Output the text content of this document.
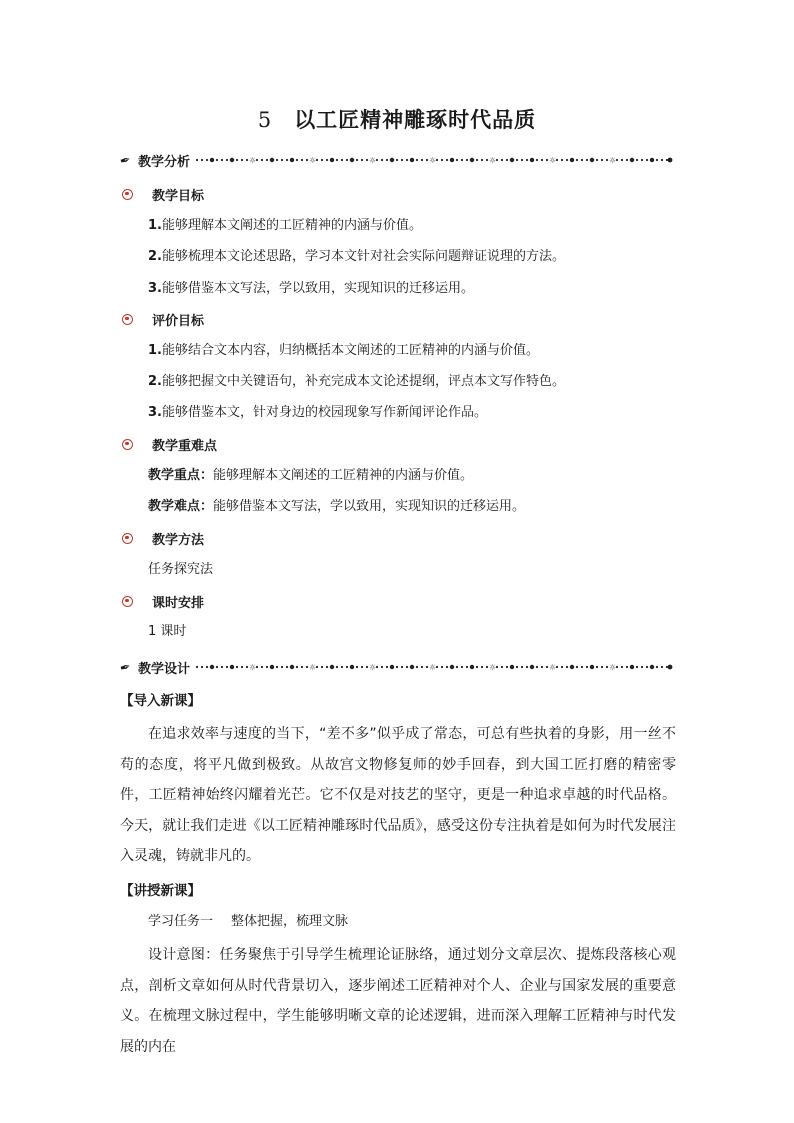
5 以工匠精神雕琢时代品质
✒ 教学分析	☼	☼	☼	☼	☼	☼	☼
教学目标
1.能够理解本文阐述的工匠精神的内涵与价值。
2.能够梳理本文论述思路，学习本文针对社会实际问题辩证说理的方法。
3.能够借鉴本文写法，学以致用，实现知识的迁移运用。
评价目标
1.能够结合文本内容，归纳概括本文阐述的工匠精神的内涵与价值。
2.能够把握文中关键语句，补充完成本文论述提纲，评点本文写作特色。
3.能够借鉴本文，针对身边的校园现象写作新闻评论作品。
教学重难点
教学重点：能够理解本文阐述的工匠精神的内涵与价值。
教学难点：能够借鉴本文写法，学以致用，实现知识的迁移运用。
教学方法
任务探究法
课时安排
1 课时
✒ 教学设计	☼	☼	☼	☼	☼	☼	☼
【导入新课】
在追求效率与速度的当下，“差不多”似乎成了常态，可总有些执着的身影，用一丝不苟的态度，将平凡做到极致。从故宫文物修复师的妙手回春，到大国工匠打磨的精密零件，工匠精神始终闪耀着光芒。它不仅是对技艺的坚守，更是一种追求卓越的时代品格。今天，就让我们走进《以工匠精神雕琢时代品质》，感受这份专注执着是如何为时代发展注入灵魂，铸就非凡的。
【讲授新课】
学习任务一 整体把握，梳理文脉
设计意图：任务聚焦于引导学生梳理论证脉络，通过划分文章层次、提炼段落核心观点，剖析文章如何从时代背景切入，逐步阐述工匠精神对个人、企业与国家发展的重要意义。在梳理文脉过程中，学生能够明晰文章的论述逻辑，进而深入理解工匠精神与时代发展的内在
